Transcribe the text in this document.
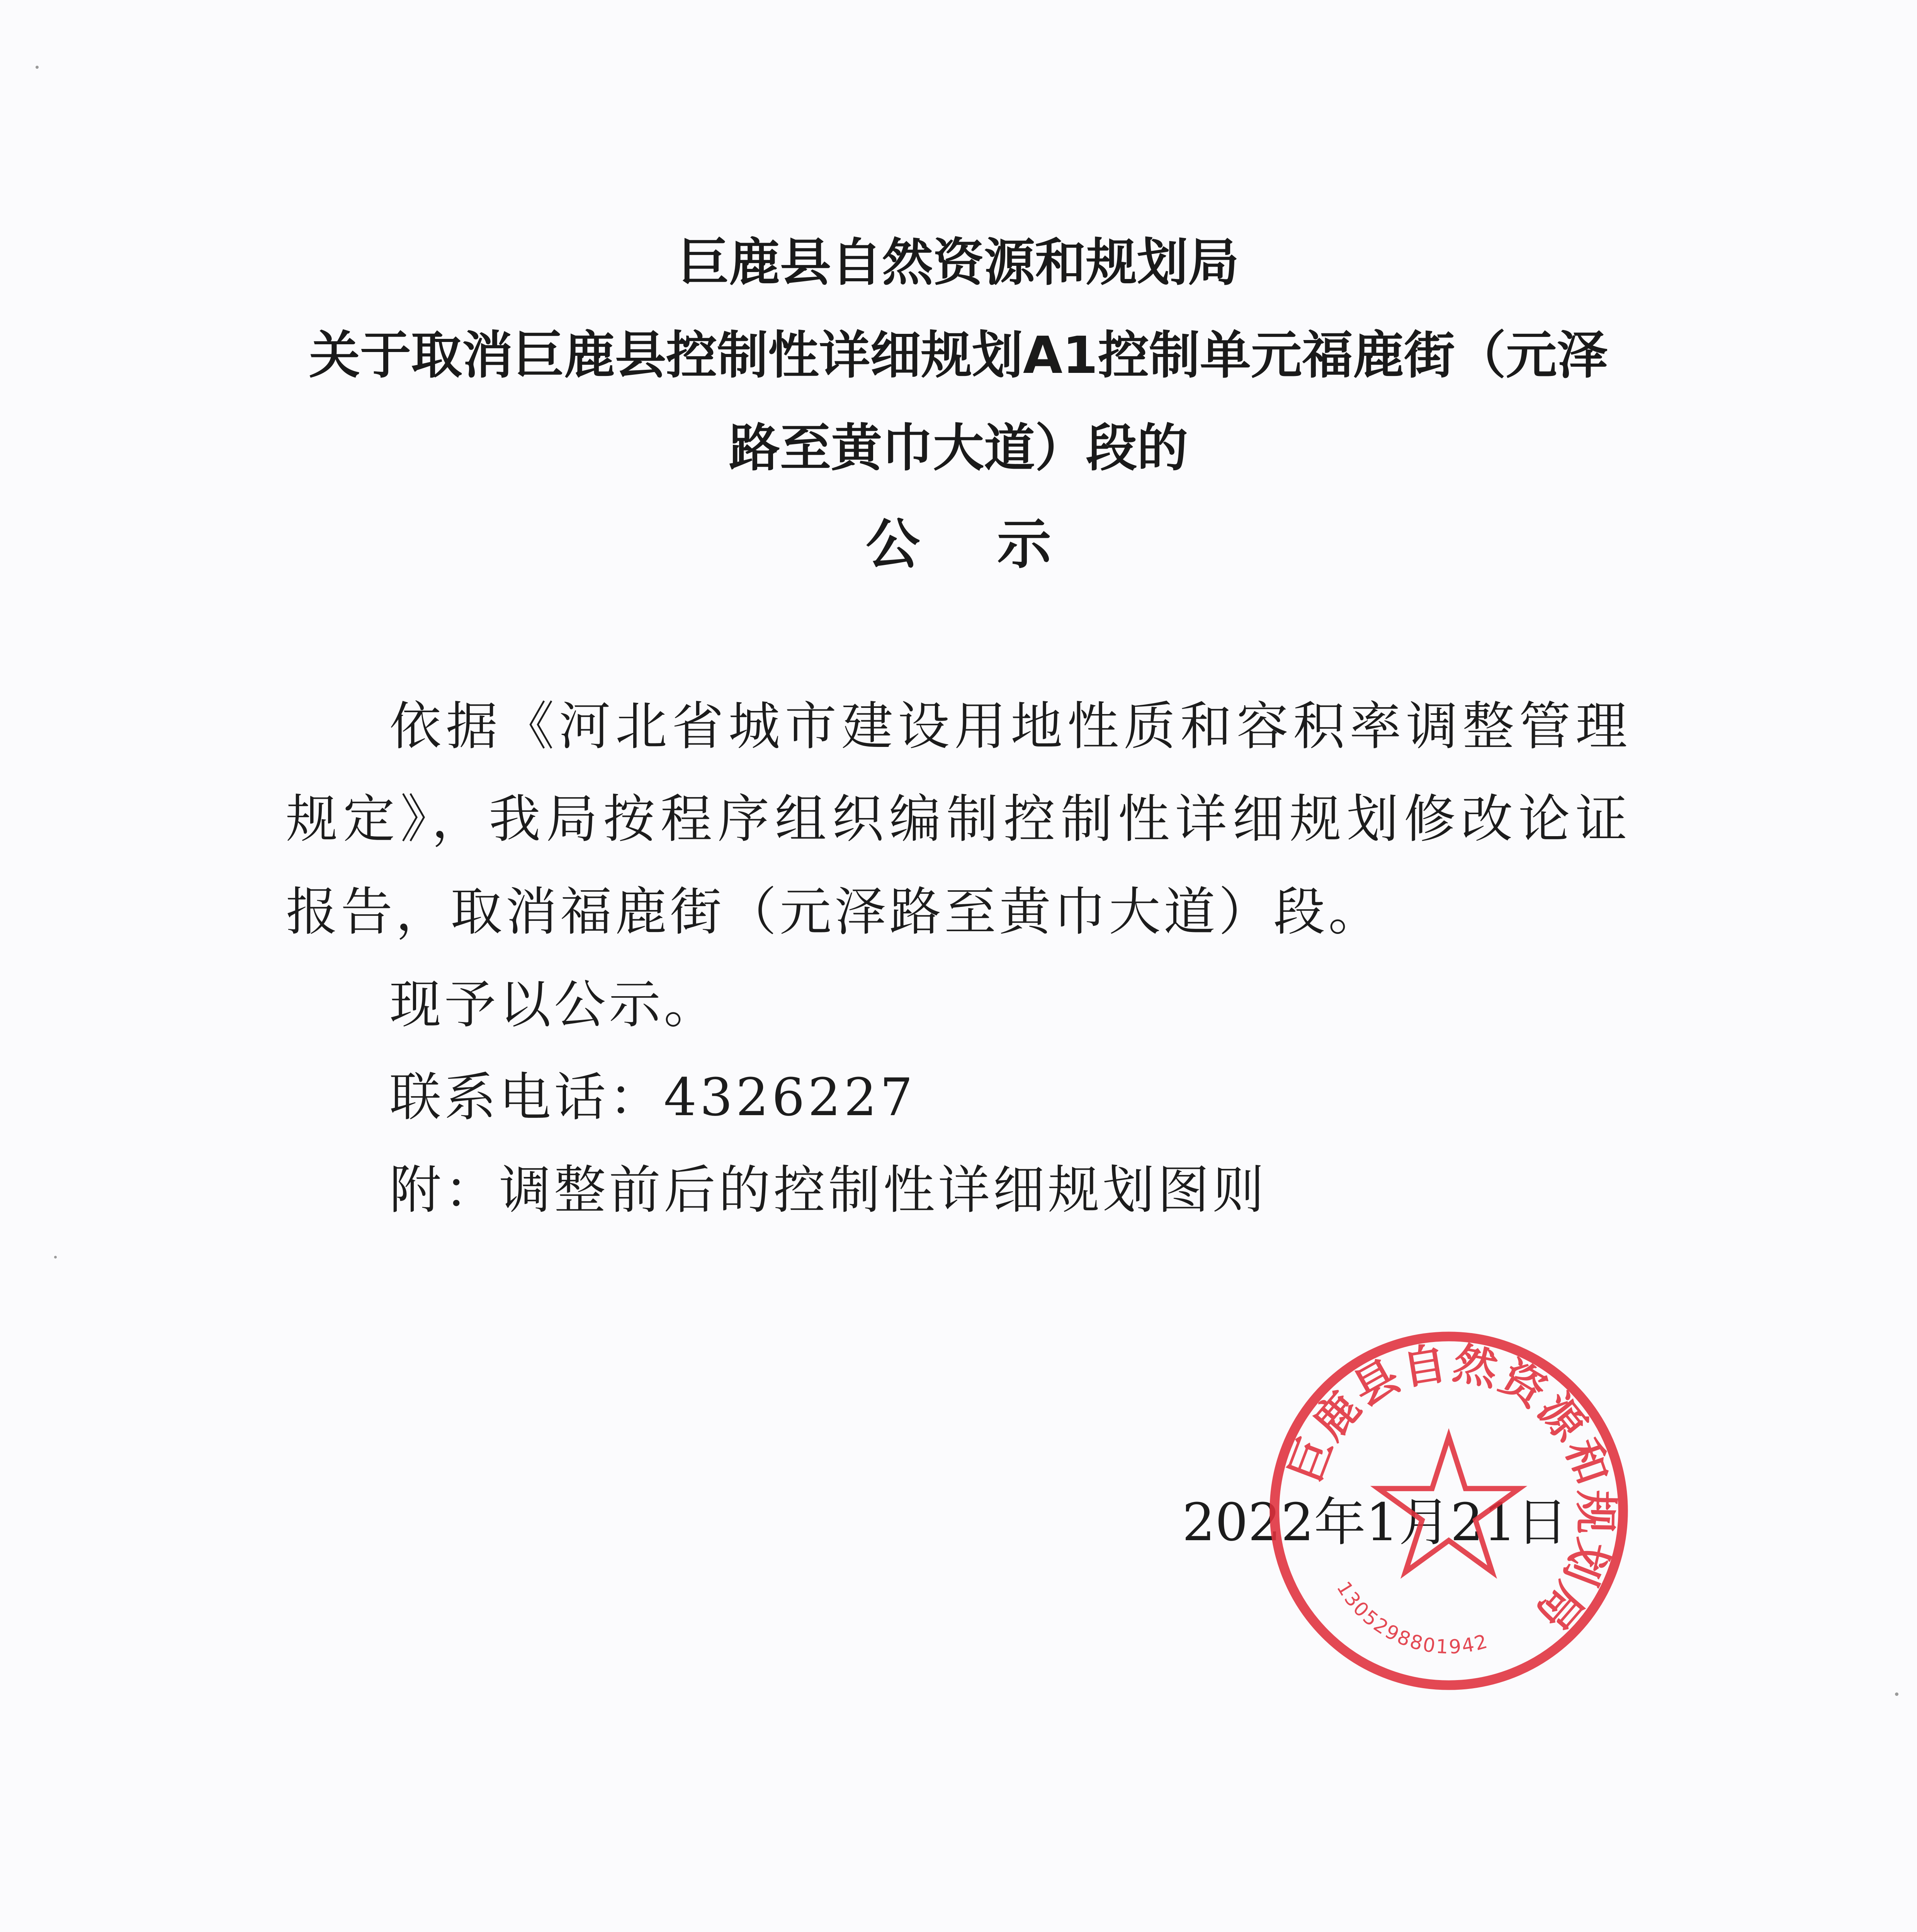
巨鹿县自然资源和规划局
关于取消巨鹿县控制性详细规划A1控制单元福鹿街（元泽
路至黄巾大道）段的
公示

依据《河北省城市建设用地性质和容积率调整管理规定》，我局按程序组织编制控制性详细规划修改论证报告，取消福鹿街（元泽路至黄巾大道）段。

现予以公示。

联系电话：4326227

附：调整前后的控制性详细规划图则

2022年1月21日
巨鹿县自然资源和规划局
1305298801942
